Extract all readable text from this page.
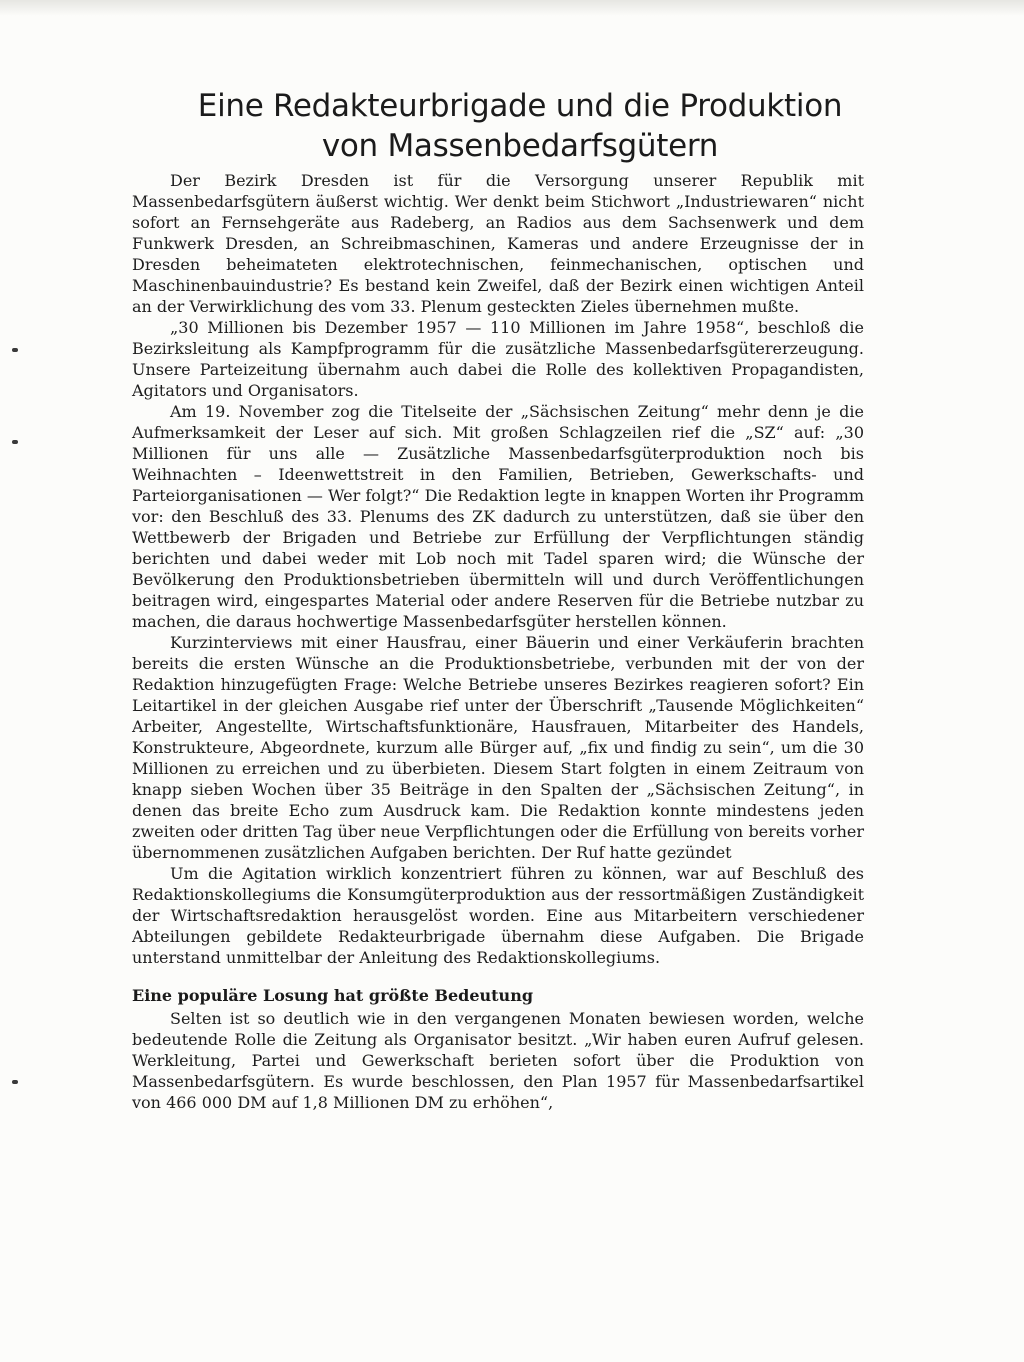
Eine Redakteurbrigade und die Produktion
von Massenbedarfsgütern

Der Bezirk Dresden ist für die Versorgung unserer Republik mit Massenbedarfsgütern äußerst wichtig. Wer denkt beim Stichwort „Industriewaren“ nicht sofort an Fernsehgeräte aus Radeberg, an Radios aus dem Sachsenwerk und dem Funkwerk Dresden, an Schreibmaschinen, Kameras und andere Erzeugnisse der in Dresden beheimateten elektrotechnischen, feinmechanischen, optischen und Maschinenbauindustrie? Es bestand kein Zweifel, daß der Bezirk einen wichtigen Anteil an der Verwirklichung des vom 33. Plenum gesteckten Zieles übernehmen mußte.

„30 Millionen bis Dezember 1957 — 110 Millionen im Jahre 1958“, beschloß die Bezirksleitung als Kampfprogramm für die zusätzliche Massenbedarfsgütererzeugung. Unsere Parteizeitung übernahm auch dabei die Rolle des kollektiven Propagandisten, Agitators und Organisators.

Am 19. November zog die Titelseite der „Sächsischen Zeitung“ mehr denn je die Aufmerksamkeit der Leser auf sich. Mit großen Schlagzeilen rief die „SZ“ auf: „30 Millionen für uns alle — Zusätzliche Massenbedarfsgüterproduktion noch bis Weihnachten – Ideenwettstreit in den Familien, Betrieben, Gewerkschafts- und Parteiorganisationen — Wer folgt?“ Die Redaktion legte in knappen Worten ihr Programm vor: den Beschluß des 33. Plenums des ZK dadurch zu unterstützen, daß sie über den Wettbewerb der Brigaden und Betriebe zur Erfüllung der Verpflichtungen ständig berichten und dabei weder mit Lob noch mit Tadel sparen wird; die Wünsche der Bevölkerung den Produktionsbetrieben übermitteln will und durch Veröffentlichungen beitragen wird, eingespartes Material oder andere Reserven für die Betriebe nutzbar zu machen, die daraus hochwertige Massenbedarfsgüter herstellen können.

Kurzinterviews mit einer Hausfrau, einer Bäuerin und einer Verkäuferin brachten bereits die ersten Wünsche an die Produktionsbetriebe, verbunden mit der von der Redaktion hinzugefügten Frage: Welche Betriebe unseres Bezirkes reagieren sofort? Ein Leitartikel in der gleichen Ausgabe rief unter der Überschrift „Tausende Möglichkeiten“ Arbeiter, Angestellte, Wirtschaftsfunktionäre, Hausfrauen, Mitarbeiter des Handels, Konstrukteure, Abgeordnete, kurzum alle Bürger auf, „fix und findig zu sein“, um die 30 Millionen zu erreichen und zu überbieten. Diesem Start folgten in einem Zeitraum von knapp sieben Wochen über 35 Beiträge in den Spalten der „Sächsischen Zeitung“, in denen das breite Echo zum Ausdruck kam. Die Redaktion konnte mindestens jeden zweiten oder dritten Tag über neue Verpflichtungen oder die Erfüllung von bereits vorher übernommenen zusätzlichen Aufgaben berichten. Der Ruf hatte gezündet

Um die Agitation wirklich konzentriert führen zu können, war auf Beschluß des Redaktionskollegiums die Konsumgüterproduktion aus der ressortmäßigen Zuständigkeit der Wirtschaftsredaktion herausgelöst worden. Eine aus Mitarbeitern verschiedener Abteilungen gebildete Redakteurbrigade übernahm diese Aufgaben. Die Brigade unterstand unmittelbar der Anleitung des Redaktionskollegiums.

Eine populäre Losung hat größte Bedeutung

Selten ist so deutlich wie in den vergangenen Monaten bewiesen worden, welche bedeutende Rolle die Zeitung als Organisator besitzt. „Wir haben euren Aufruf gelesen. Werkleitung, Partei und Gewerkschaft berieten sofort über die Produktion von Massenbedarfsgütern. Es wurde beschlossen, den Plan 1957 für Massenbedarfsartikel von 466 000 DM auf 1,8 Millionen DM zu erhöhen“,
